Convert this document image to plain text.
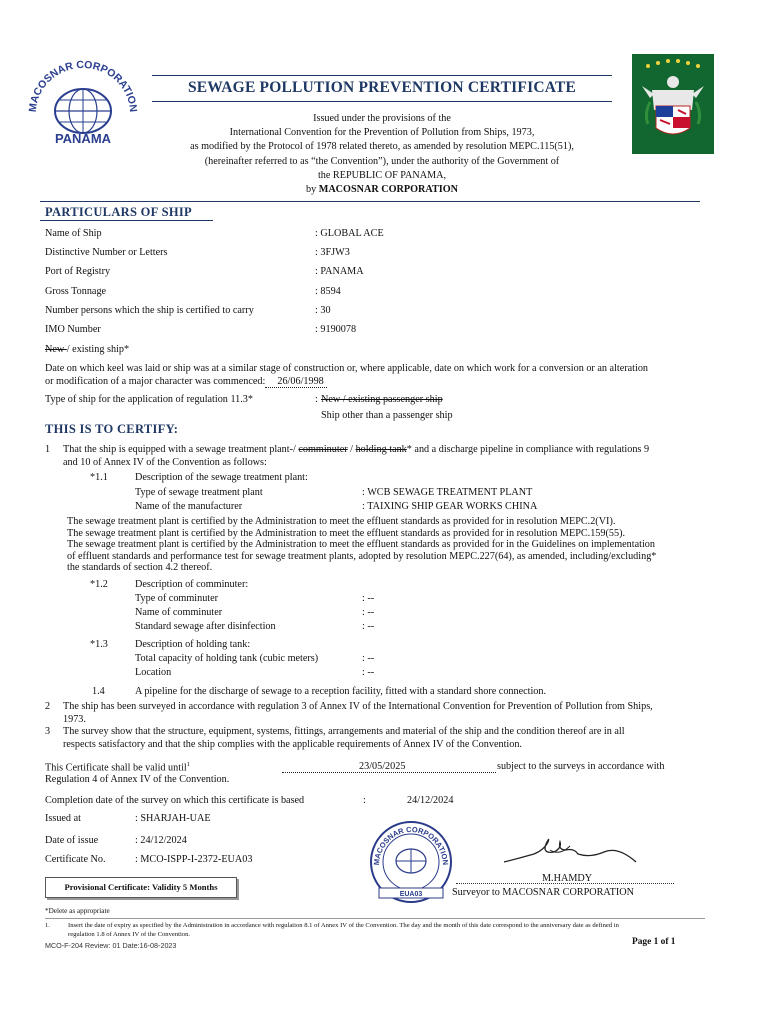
MACOSNAR CORPORATION
PANAMA
SEWAGE POLLUTION PREVENTION CERTIFICATE
Issued under the provisions of the
International Convention for the Prevention of Pollution from Ships, 1973,
as modified by the Protocol of 1978 related thereto, as amended by resolution MEPC.115(51),
(hereinafter referred to as “the Convention”), under the authority of the Government of
the REPUBLIC OF PANAMA,
by MACOSNAR CORPORATION
PARTICULARS OF SHIP
Name of Ship	: GLOBAL ACE
Distinctive Number or Letters	: 3FJW3
Port of Registry	: PANAMA
Gross Tonnage	: 8594
Number persons which the ship is certified to carry	: 30
IMO Number	: 9190078
New / existing ship*
Date on which keel was laid or ship was at a similar stage of construction or, where applicable, date on which work for a conversion or an alteration
or modification of a major character was commenced: 26/06/1998
Type of ship for the application of regulation 11.3*	: New / existing passenger ship
Ship other than a passenger ship
THIS IS TO CERTIFY:
1 That the ship is equipped with a sewage treatment plant-/ comminuter / holding tank* and a discharge pipeline in compliance with regulations 9
and 10 of Annex IV of the Convention as follows:
*1.1	Description of the sewage treatment plant:
Type of sewage treatment plant	: WCB SEWAGE TREATMENT PLANT
Name of the manufacturer	: TAIXING SHIP GEAR WORKS CHINA
The sewage treatment plant is certified by the Administration to meet the effluent standards as provided for in resolution MEPC.2(VI).
The sewage treatment plant is certified by the Administration to meet the effluent standards as provided for in resolution MEPC.159(55).
The sewage treatment plant is certified by the Administration to meet the effluent standards as provided for in the Guidelines on implementation
of effluent standards and performance test for sewage treatment plants, adopted by resolution MEPC.227(64), as amended, including/excluding*
the standards of section 4.2 thereof.
*1.2	Description of comminuter:
Type of comminuter	: --
Name of comminuter	: --
Standard sewage after disinfection	: --
*1.3	Description of holding tank:
Total capacity of holding tank (cubic meters)	: --
Location	: --
1.4	A pipeline for the discharge of sewage to a reception facility, fitted with a standard shore connection.
2 The ship has been surveyed in accordance with regulation 3 of Annex IV of the International Convention for Prevention of Pollution from Ships,
1973.
3 The survey show that the structure, equipment, systems, fittings, arrangements and material of the ship and the condition thereof are in all
respects satisfactory and that the ship complies with the applicable requirements of Annex IV of the Convention.
This Certificate shall be valid until$^1$	23/05/2025	subject to the surveys in accordance with
Regulation 4 of Annex IV of the Convention.
Completion date of the survey on which this certificate is based	:	24/12/2024
Issued at	: SHARJAH-UAE
Date of issue	: 24/12/2024
Certificate No.	: MCO-ISPP-I-2372-EUA03
Provisional Certificate: Validity 5 Months
MACOSNAR CORPORATION
EUA03
M.HAMDY
Surveyor to MACOSNAR CORPORATION
*Delete as appropriate
1.	Insert the date of expiry as specified by the Administration in accordance with regulation 8.1 of Annex IV of the Convention. The day and the month of this date correspond to the anniversary date as defined in
regulation 1.8 of Annex IV of the Convention.
MCO-F-204 Review: 01 Date:16-08-2023	Page 1 of 1
